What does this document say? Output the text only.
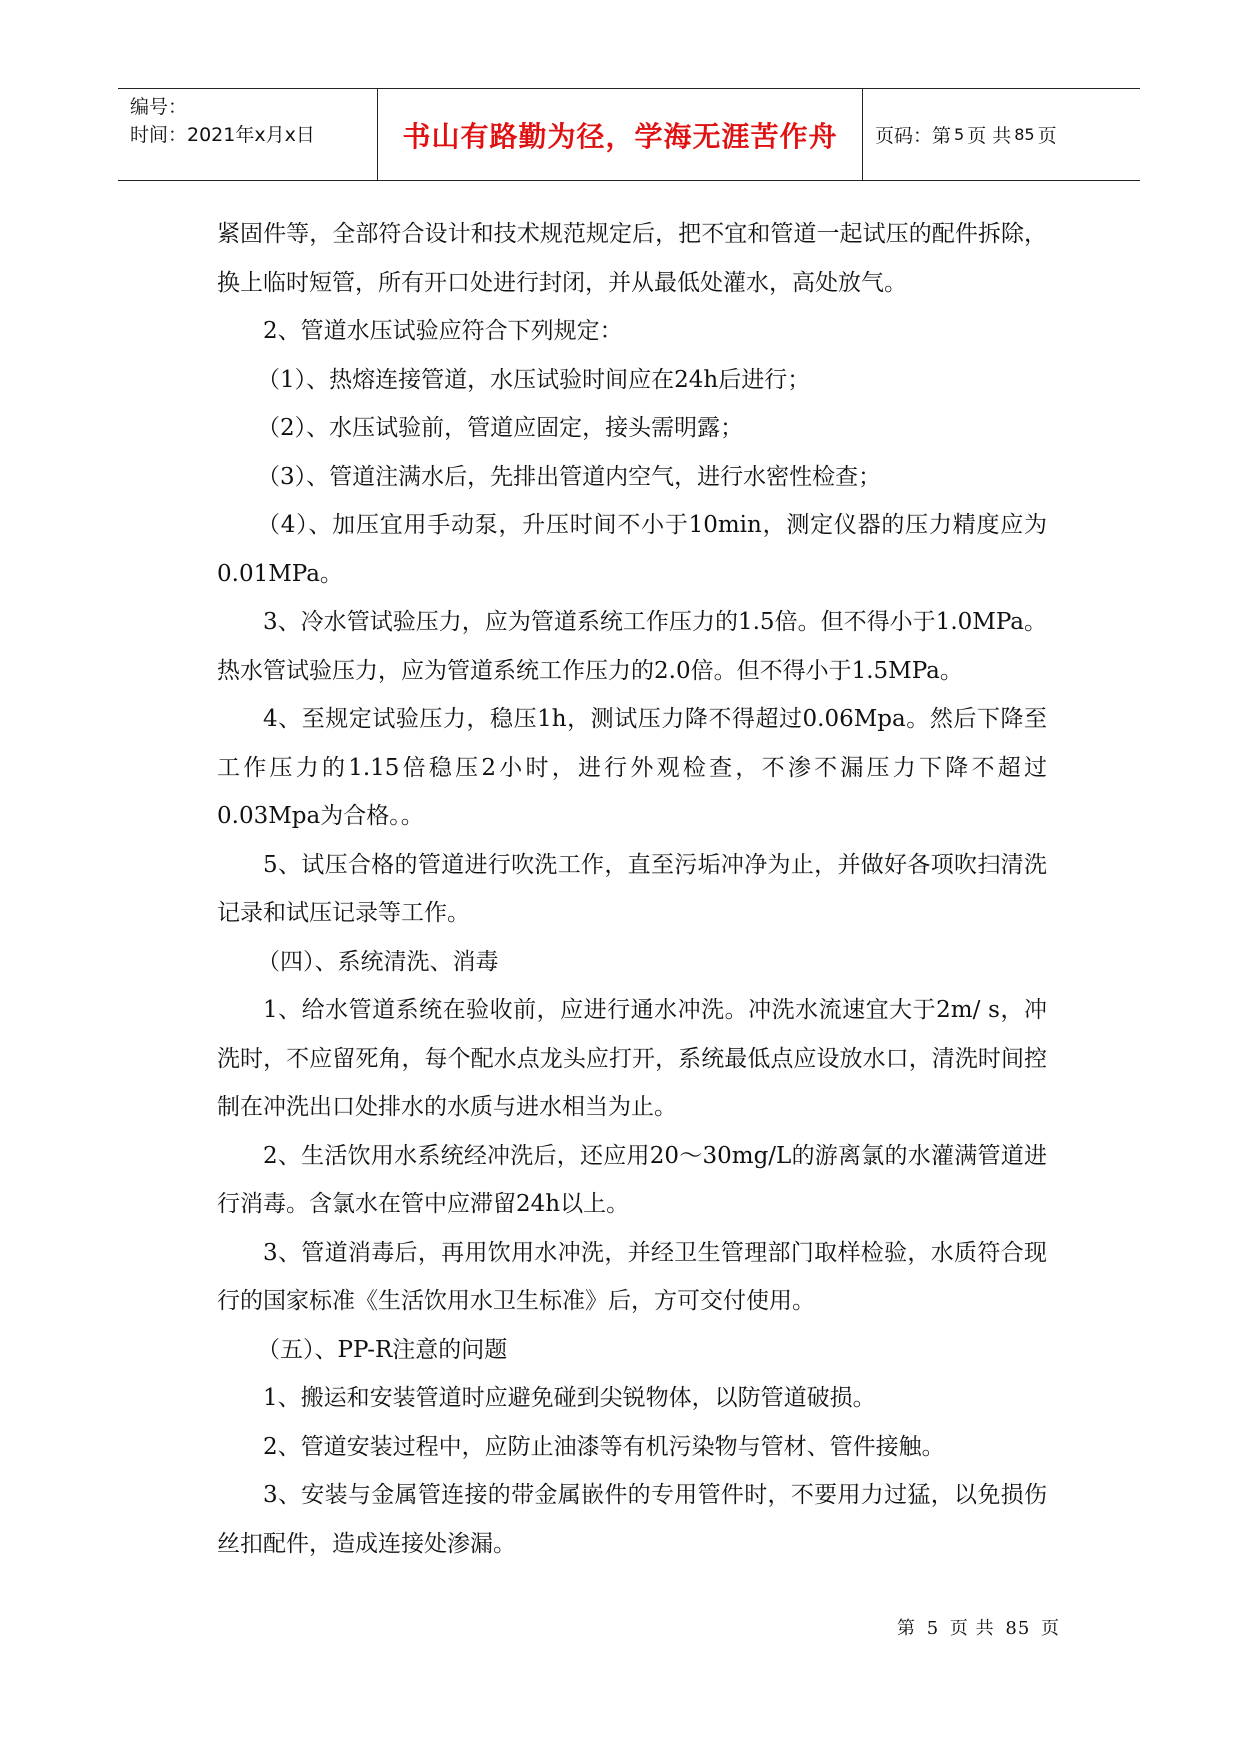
编号：
时间：2021年x月x日	书山有路勤为径，学海无涯苦作舟	页码：第 5 页 共 85 页

紧固件等，全部符合设计和技术规范规定后，把不宜和管道一起试压的配件拆除，换上临时短管，所有开口处进行封闭，并从最低处灌水，高处放气。

2、管道水压试验应符合下列规定：

（1）、热熔连接管道，水压试验时间应在24h后进行；

（2）、水压试验前，管道应固定，接头需明露；

（3）、管道注满水后，先排出管道内空气，进行水密性检查；

（4）、加压宜用手动泵，升压时间不小于10min，测定仪器的压力精度应为0.01MPa。

3、冷水管试验压力，应为管道系统工作压力的1.5倍。但不得小于1.0MPa。热水管试验压力，应为管道系统工作压力的2.0倍。但不得小于1.5MPa。

4、至规定试验压力，稳压1h，测试压力降不得超过0.06Mpa。然后下降至工作压力的1.15倍稳压2小时，进行外观检查，不渗不漏压力下降不超过0.03Mpa为合格。。

5、试压合格的管道进行吹洗工作，直至污垢冲净为止，并做好各项吹扫清洗记录和试压记录等工作。

（四）、系统清洗、消毒

1、给水管道系统在验收前，应进行通水冲洗。冲洗水流速宜大于2m/ s，冲洗时，不应留死角，每个配水点龙头应打开，系统最低点应设放水口，清洗时间控制在冲洗出口处排水的水质与进水相当为止。

2、生活饮用水系统经冲洗后，还应用20～30mg/L的游离氯的水灌满管道进行消毒。含氯水在管中应滞留24h以上。

3、管道消毒后，再用饮用水冲洗，并经卫生管理部门取样检验，水质符合现行的国家标准《生活饮用水卫生标准》后，方可交付使用。

（五）、PP-R注意的问题

1、搬运和安装管道时应避免碰到尖锐物体，以防管道破损。

2、管道安装过程中，应防止油漆等有机污染物与管材、管件接触。

3、安装与金属管连接的带金属嵌件的专用管件时，不要用力过猛，以免损伤丝扣配件，造成连接处渗漏。

第 5 页 共 85 页
